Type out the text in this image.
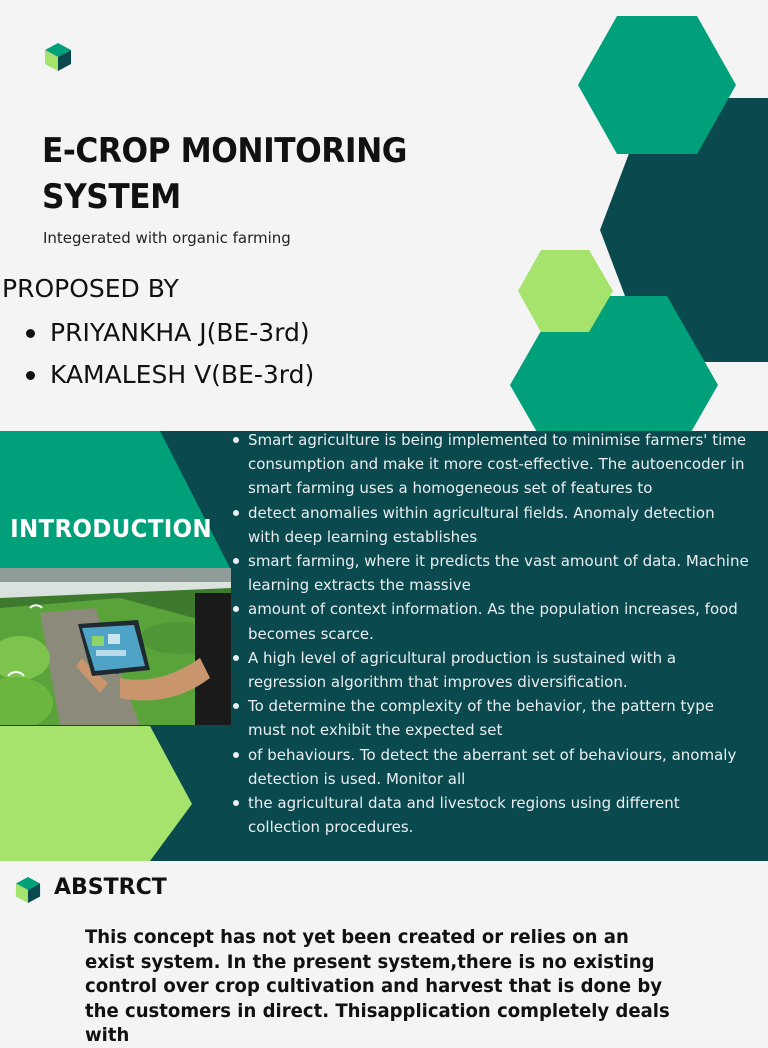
E-CROP MONITORING SYSTEM
Integerated with organic farming
PROPOSED BY
PRIYANKHA J(BE-3rd)
KAMALESH V(BE-3rd)
INTRODUCTION
Smart agriculture is being implemented to minimise farmers' time consumption and make it more cost-effective. The autoencoder in smart farming uses a homogeneous set of features to
detect anomalies within agricultural fields. Anomaly detection with deep learning establishes
smart farming, where it predicts the vast amount of data. Machine learning extracts the massive
amount of context information. As the population increases, food becomes scarce.
A high level of agricultural production is sustained with a regression algorithm that improves diversification.
To determine the complexity of the behavior, the pattern type must not exhibit the expected set
of behaviours. To detect the aberrant set of behaviours, anomaly detection is used. Monitor all
the agricultural data and livestock regions using different collection procedures.
ABSTRCT

This concept has not yet been created or relies on an exist system. In the present system,there is no existing control over crop cultivation and harvest that is done by the customers in direct. Thisapplication completely deals with
